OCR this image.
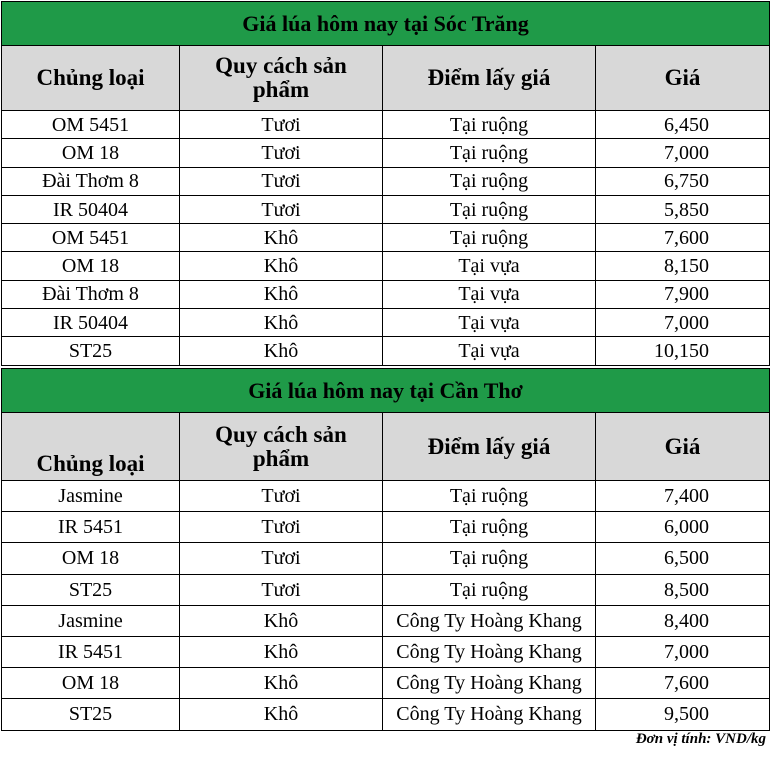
Giá lúa hôm nay tại Sóc Trăng			
Chủng loại	Quy cách sản phẩm	Điểm lấy giá	Giá
OM 5451	Tươi	Tại ruộng	6,450
OM 18	Tươi	Tại ruộng	7,000
Đài Thơm 8	Tươi	Tại ruộng	6,750
IR 50404	Tươi	Tại ruộng	5,850
OM 5451	Khô	Tại ruộng	7,600
OM 18	Khô	Tại vựa	8,150
Đài Thơm 8	Khô	Tại vựa	7,900
IR 50404	Khô	Tại vựa	7,000
ST25	Khô	Tại vựa	10,150
Giá lúa hôm nay tại Cần Thơ			
Chủng loại	Quy cách sản phẩm	Điểm lấy giá	Giá
Jasmine	Tươi	Tại ruộng	7,400
IR 5451	Tươi	Tại ruộng	6,000
OM 18	Tươi	Tại ruộng	6,500
ST25	Tươi	Tại ruộng	8,500
Jasmine	Khô	Công Ty Hoàng Khang	8,400
IR 5451	Khô	Công Ty Hoàng Khang	7,000
OM 18	Khô	Công Ty Hoàng Khang	7,600
ST25	Khô	Công Ty Hoàng Khang	9,500
Đơn vị tính: VND/kg
